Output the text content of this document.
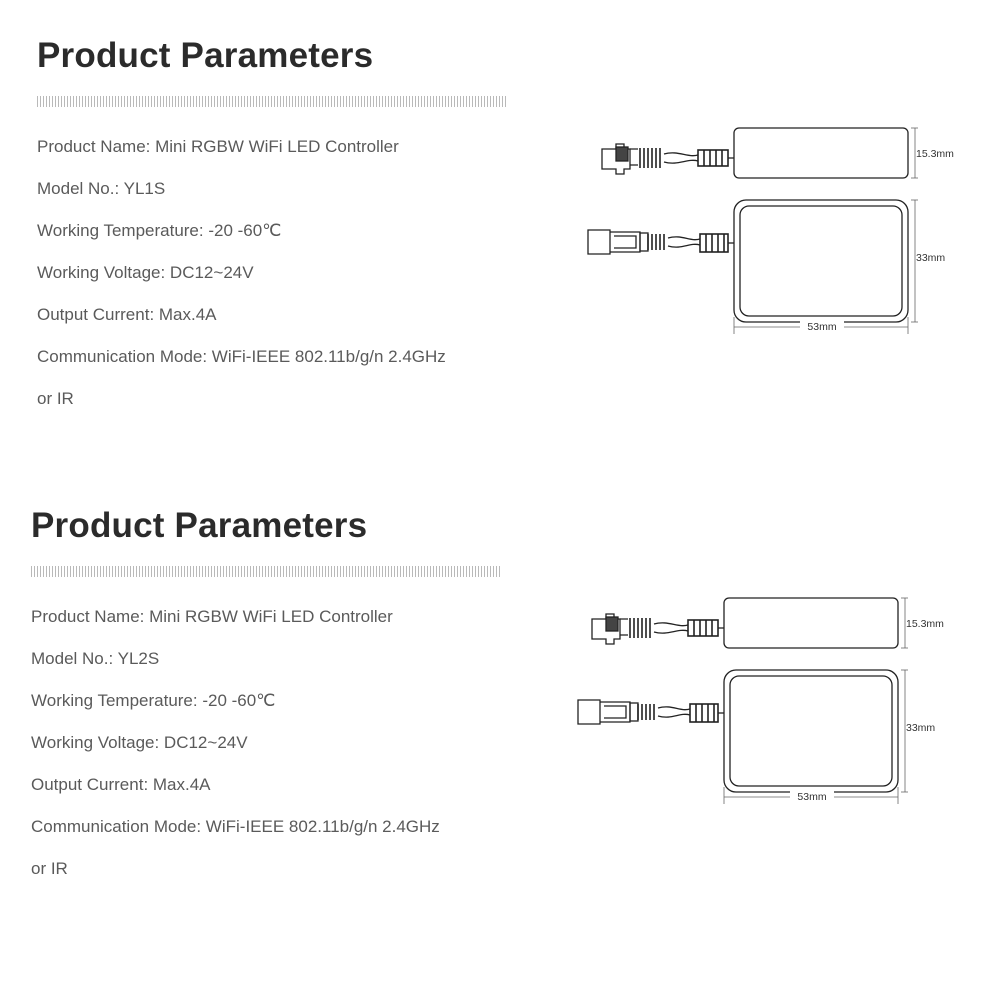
Product Parameters
Product Name: Mini RGBW WiFi LED Controller
Model No.: YL1S
Working Temperature: -20 -60℃
Working Voltage: DC12~24V
Output Current: Max.4A
Communication Mode: WiFi-IEEE 802.11b/g/n 2.4GHz
or IR
15.3mm
33mm
53mm
Product Parameters
Product Name: Mini RGBW WiFi LED Controller
Model No.: YL2S
Working Temperature: -20 -60℃
Working Voltage: DC12~24V
Output Current: Max.4A
Communication Mode: WiFi-IEEE 802.11b/g/n 2.4GHz
or IR
15.3mm
33mm
53mm
